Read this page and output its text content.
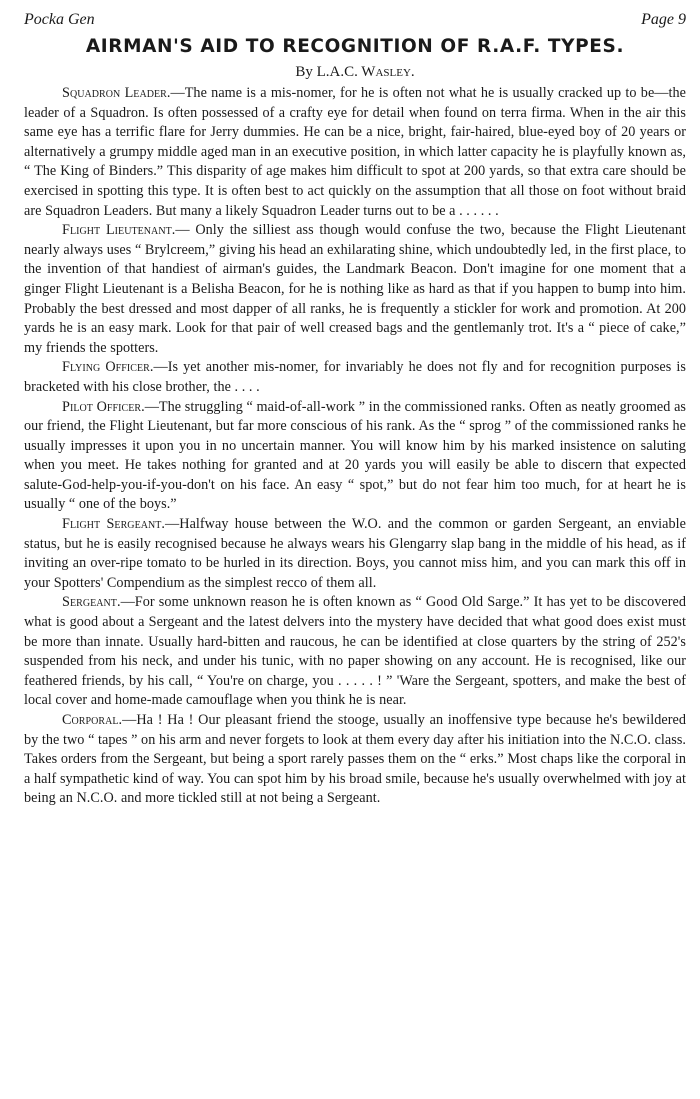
Pocka Gen	Page 9
AIRMAN'S AID TO RECOGNITION OF R.A.F. TYPES.
By L.A.C. Wasley.

Squadron Leader.—The name is a mis-nomer, for he is often not what he is usually cracked up to be—the leader of a Squadron. Is often possessed of a crafty eye for detail when found on terra firma. When in the air this same eye has a terrific flare for Jerry dummies. He can be a nice, bright, fair-haired, blue-eyed boy of 20 years or alternatively a grumpy middle aged man in an executive position, in which latter capacity he is playfully known as, “ The King of Binders.” This disparity of age makes him difficult to spot at 200 yards, so that extra care should be exercised in spotting this type. It is often best to act quickly on the assumption that all those on foot without braid are Squadron Leaders. But many a likely Squadron Leader turns out to be a . . . . . .

Flight Lieutenant.— Only the silliest ass though would confuse the two, because the Flight Lieutenant nearly always uses “ Brylcreem,” giving his head an exhilarating shine, which undoubtedly led, in the first place, to the invention of that handiest of airman's guides, the Landmark Beacon. Don't imagine for one moment that a ginger Flight Lieutenant is a Belisha Beacon, for he is nothing like as hard as that if you happen to bump into him. Probably the best dressed and most dapper of all ranks, he is frequently a stickler for work and promotion. At 200 yards he is an easy mark. Look for that pair of well creased bags and the gentlemanly trot. It's a “ piece of cake,” my friends the spotters.

Flying Officer.—Is yet another mis-nomer, for invariably he does not fly and for recognition purposes is bracketed with his close brother, the . . . .

Pilot Officer.—The struggling “ maid-of-all-work ” in the commissioned ranks. Often as neatly groomed as our friend, the Flight Lieutenant, but far more conscious of his rank. As the “ sprog ” of the commissioned ranks he usually impresses it upon you in no uncertain manner. You will know him by his marked insistence on saluting when you meet. He takes nothing for granted and at 20 yards you will easily be able to discern that expected salute-God-help-you-if-you-don't on his face. An easy “ spot,” but do not fear him too much, for at heart he is usually “ one of the boys.”

Flight Sergeant.—Halfway house between the W.O. and the common or garden Sergeant, an enviable status, but he is easily recognised because he always wears his Glengarry slap bang in the middle of his head, as if inviting an over-ripe tomato to be hurled in its direction. Boys, you cannot miss him, and you can mark this off in your Spotters' Compendium as the simplest recco of them all.

Sergeant.—For some unknown reason he is often known as “ Good Old Sarge.” It has yet to be discovered what is good about a Sergeant and the latest delvers into the mystery have decided that what good does exist must be more than innate. Usually hard-bitten and raucous, he can be identified at close quarters by the string of 252's suspended from his neck, and under his tunic, with no paper showing on any account. He is recognised, like our feathered friends, by his call, “ You're on charge, you . . . . . ! ” 'Ware the Sergeant, spotters, and make the best of local cover and home-made camouflage when you think he is near.

Corporal.—Ha ! Ha ! Our pleasant friend the stooge, usually an inoffensive type because he's bewildered by the two “ tapes ” on his arm and never forgets to look at them every day after his initiation into the N.C.O. class. Takes orders from the Sergeant, but being a sport rarely passes them on the “ erks.” Most chaps like the corporal in a half sympathetic kind of way. You can spot him by his broad smile, because he's usually overwhelmed with joy at being an N.C.O. and more tickled still at not being a Sergeant.
